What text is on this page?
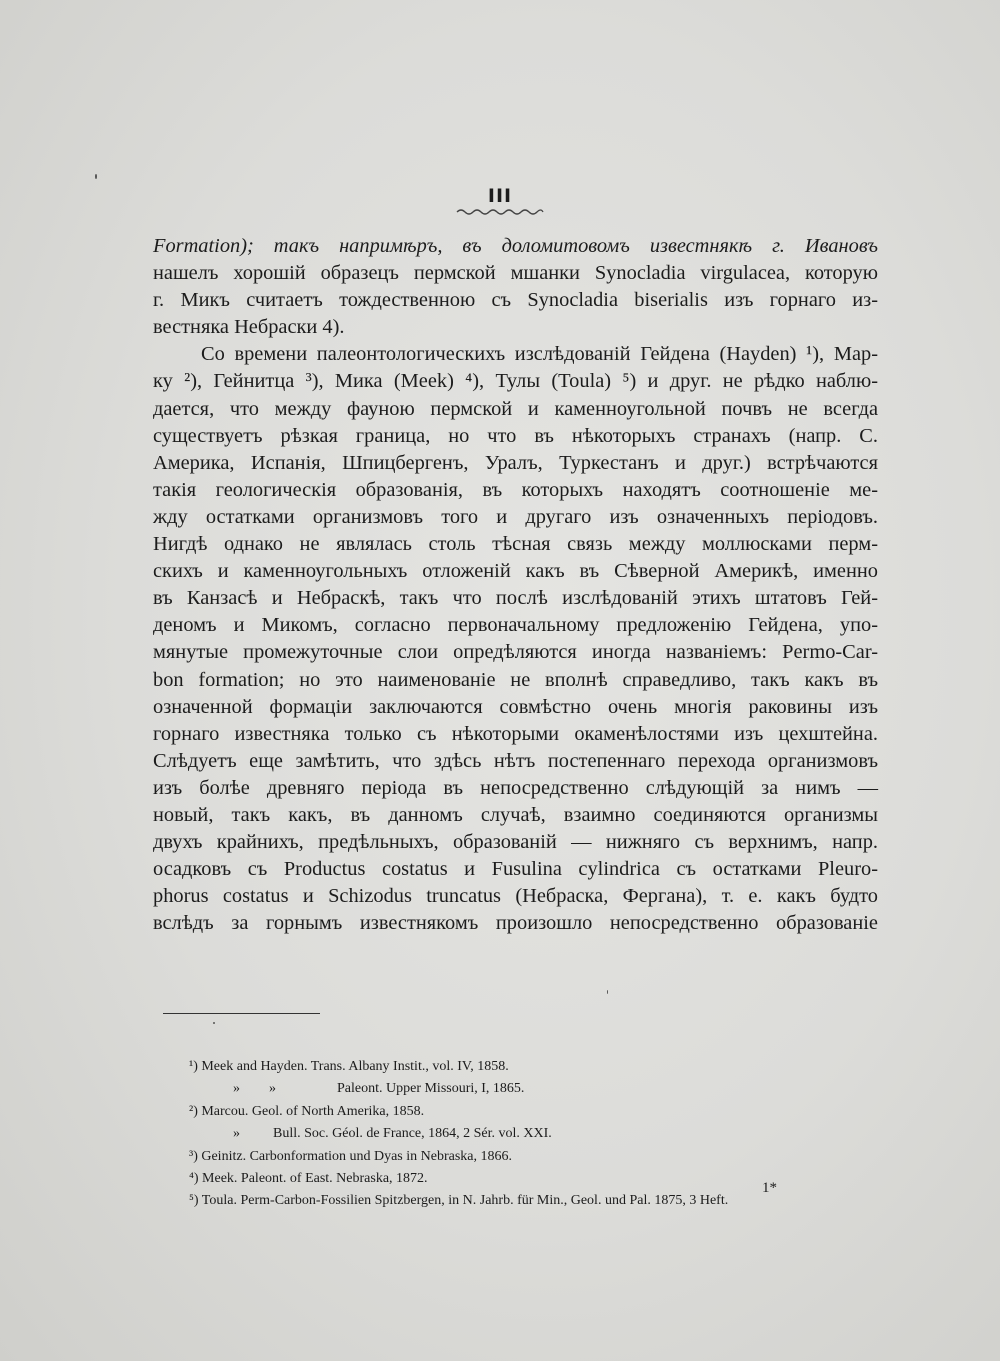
III
Formation); такъ напримѣръ, въ доломитовомъ известнякѣ г. Ивановъ
нашелъ хорошій образецъ пермской мшанки Synocladia virgulacea, которую
г. Микъ считаетъ тождественною съ Synocladia biserialis изъ горнаго из-
вестняка Небраски 4).
Со времени палеонтологическихъ изслѣдованій Гейдена (Hayden) ¹), Мар-
ку ²), Гейнитца ³), Мика (Meek) ⁴), Тулы (Toula) ⁵) и друг. не рѣдко наблю-
дается, что между фауною пермской и каменноугольной почвъ не всегда
существуетъ рѣзкая граница, но что въ нѣкоторыхъ странахъ (напр. С.
Америка, Испанія, Шпицбергенъ, Уралъ, Туркестанъ и друг.) встрѣчаются
такія геологическія образованія, въ которыхъ находятъ соотношеніе ме-
жду остатками организмовъ того и другаго изъ означенныхъ періодовъ.
Нигдѣ однако не являлась столь тѣсная связь между моллюсками перм-
скихъ и каменноугольныхъ отложеній какъ въ Сѣверной Америкѣ, именно
въ Канзасѣ и Небраскѣ, такъ что послѣ изслѣдованій этихъ штатовъ Гей-
деномъ и Микомъ, согласно первоначальному предложенію Гейдена, упо-
мянутые промежуточные слои опредѣляются иногда названіемъ: Permo-Car-
bon formation; но это наименованіе не вполнѣ справедливо, такъ какъ въ
означенной формаціи заключаются совмѣстно очень многія раковины изъ
горнаго известняка только съ нѣкоторыми окаменѣлостями изъ цехштейна.
Слѣдуетъ еще замѣтить, что здѣсь нѣтъ постепеннаго перехода организмовъ
изъ болѣе древняго періода въ непосредственно слѣдующій за нимъ —
новый, такъ какъ, въ данномъ случаѣ, взаимно соединяются организмы
двухъ крайнихъ, предѣльныхъ, образованій — нижняго съ верхнимъ, напр.
осадковъ съ Productus costatus и Fusulina cylindrica съ остатками Pleuro-
phorus costatus и Schizodus truncatus (Небраска, Фергана), т. е. какъ будто
вслѣдъ за горнымъ известнякомъ произошло непосредственно образованіе
¹) Meek and Hayden. Trans. Albany Instit., vol. IV, 1858.
» »	Paleont. Upper Missouri, I, 1865.
²) Marcou. Geol. of North Amerika, 1858.
» Bull. Soc. Géol. de France, 1864, 2 Sér. vol. XXI.
³) Geinitz. Carbonformation und Dyas in Nebraska, 1866.
⁴) Meek. Paleont. of East. Nebraska, 1872.
⁵) Toula. Perm-Carbon-Fossilien Spitzbergen, in N. Jahrb. für Min., Geol. und Pal. 1875, 3 Heft.
1*
